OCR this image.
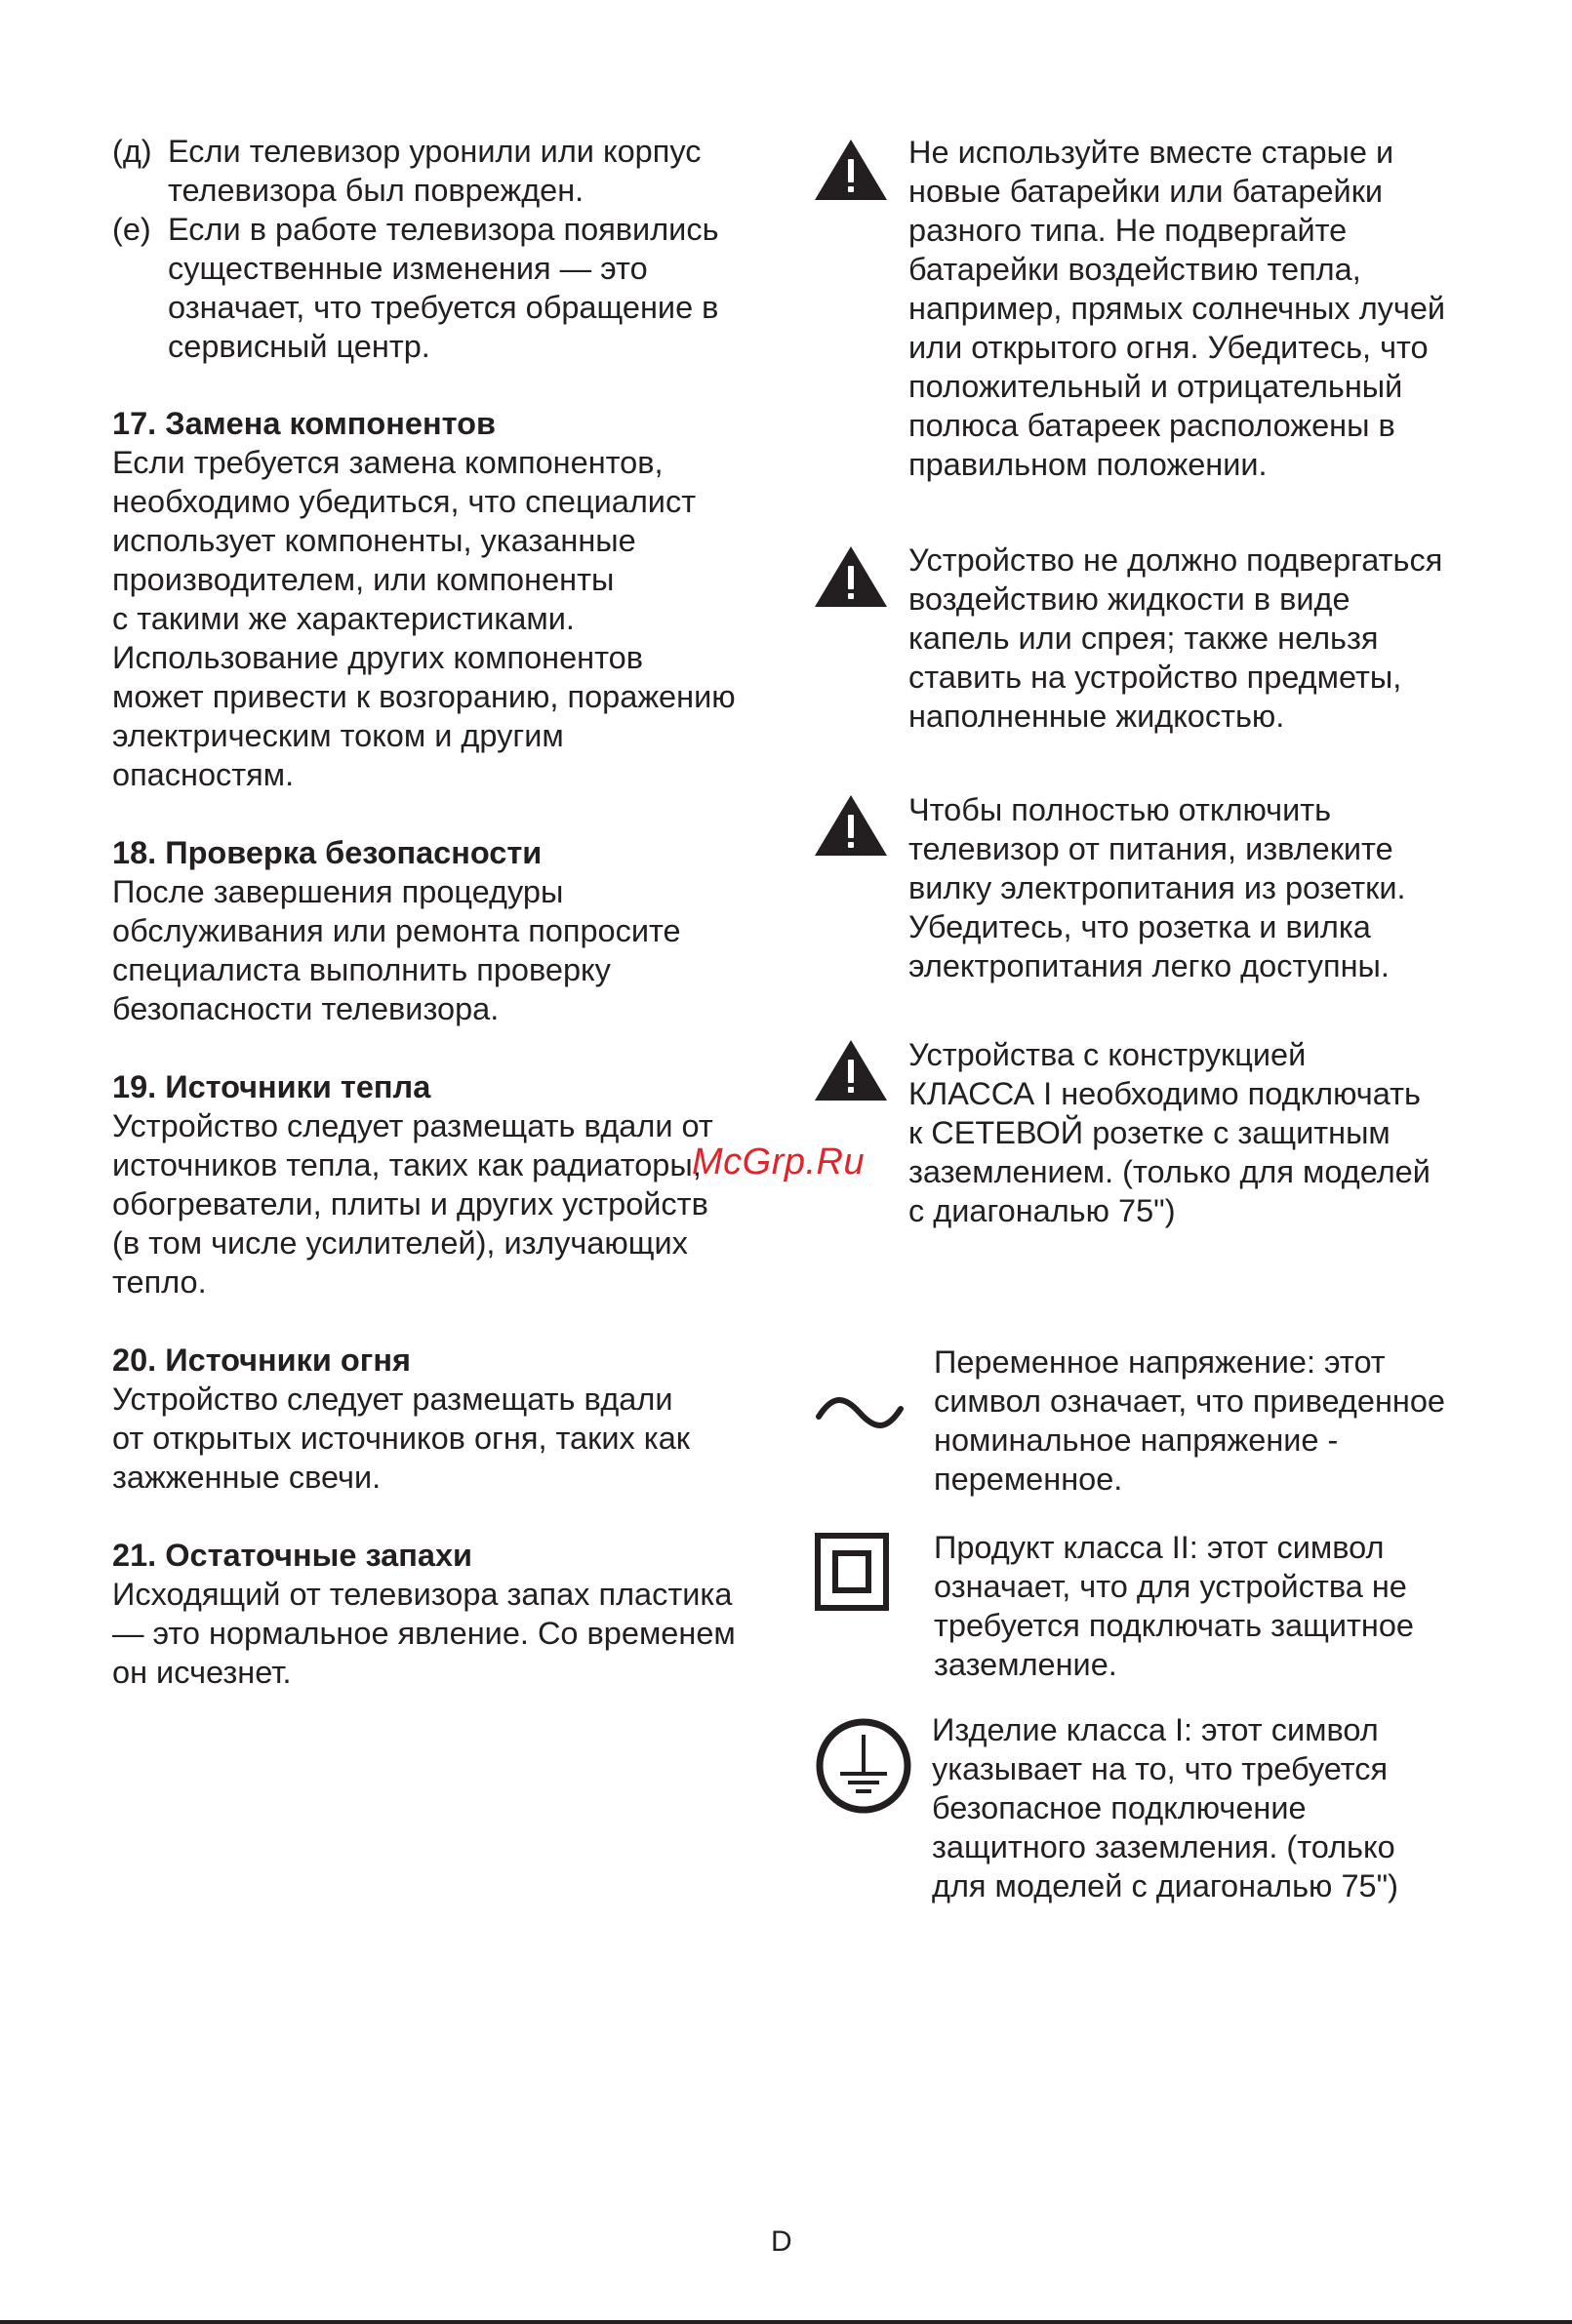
(д) Если телевизор уронили или корпус
телевизора был поврежден.
(е) Если в работе телевизора появились
существенные изменения — это
означает, что требуется обращение в
сервисный центр.
17. Замена компонентов
Если требуется замена компонентов,
необходимо убедиться, что специалист
использует компоненты, указанные
производителем, или компоненты
с такими же характеристиками.
Использование других компонентов
может привести к возгоранию, поражению
электрическим током и другим
опасностям.
18. Проверка безопасности
После завершения процедуры
обслуживания или ремонта попросите
специалиста выполнить проверку
безопасности телевизора.
19. Источники тепла
Устройство следует размещать вдали от
источников тепла, таких как радиаторы,
обогреватели, плиты и других устройств
(в том числе усилителей), излучающих
тепло.
20. Источники огня
Устройство следует размещать вдали
от открытых источников огня, таких как
зажженные свечи.
21. Остаточные запахи
Исходящий от телевизора запах пластика
— это нормальное явление. Со временем
он исчезнет.
Не используйте вместе старые и
новые батарейки или батарейки
разного типа. Не подвергайте
батарейки воздействию тепла,
например, прямых солнечных лучей
или открытого огня. Убедитесь, что
положительный и отрицательный
полюса батареек расположены в
правильном положении.
Устройство не должно подвергаться
воздействию жидкости в виде
капель или спрея; также нельзя
ставить на устройство предметы,
наполненные жидкостью.
Чтобы полностью отключить
телевизор от питания, извлеките
вилку электропитания из розетки.
Убедитесь, что розетка и вилка
электропитания легко доступны.
Устройства с конструкцией
КЛАССА I необходимо подключать
к СЕТЕВОЙ розетке с защитным
заземлением. (только для моделей
с диагональю 75")
Переменное напряжение: этот
символ означает, что приведенное
номинальное напряжение -
переменное.
Продукт класса II: этот символ
означает, что для устройства не
требуется подключать защитное
заземление.
Изделие класса I: этот символ
указывает на то, что требуется
безопасное подключение
защитного заземления. (только
для моделей с диагональю 75")
McGrp.Ru
D
